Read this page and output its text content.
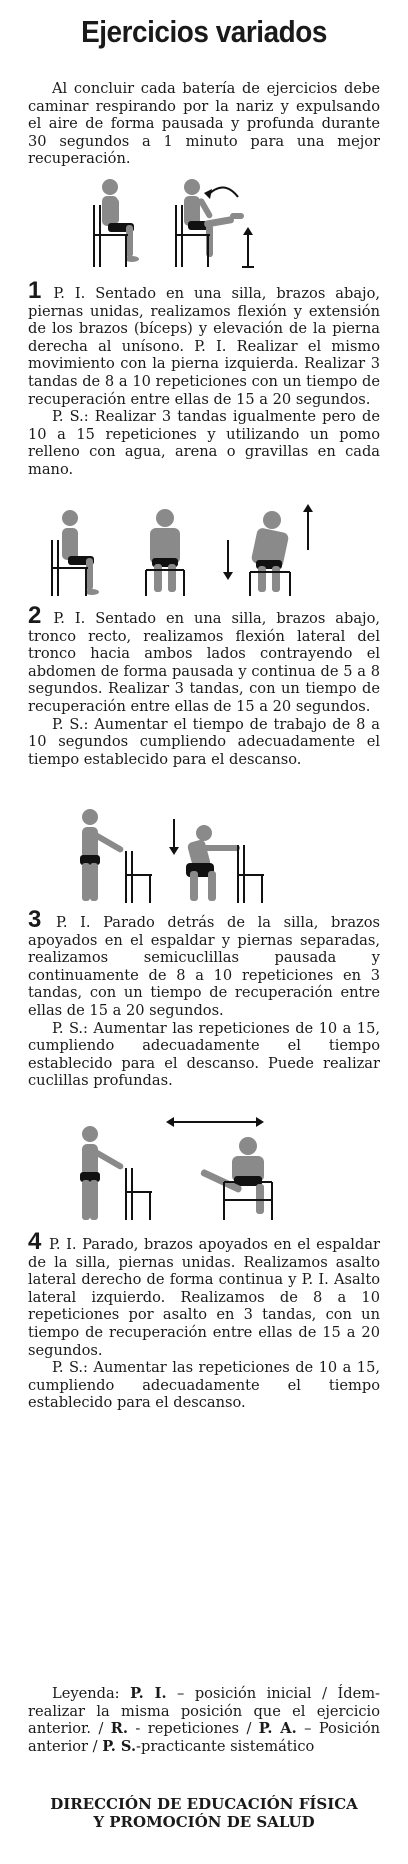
Ejercicios variados

Al concluir cada batería de ejercicios debe caminar respirando por la nariz y expulsando el aire de forma pausada y profunda durante 30 segundos a 1 minuto para una mejor recuperación.

1 P. I. Sentado en una silla, brazos abajo, piernas unidas, realizamos flexión y extensión de los brazos (bíceps) y elevación de la pierna derecha al unísono. P. I. Realizar el mismo movimiento con la pierna izquierda. Realizar 3 tandas de 8 a 10 repeticiones con un tiempo de recuperación entre ellas de 15 a 20 segundos.

P. S.: Realizar 3 tandas igualmente pero de 10 a 15 repeticiones y utilizando un pomo relleno con agua, arena o gravillas en cada mano.

2 P. I. Sentado en una silla, brazos abajo, tronco recto, realizamos flexión lateral del tronco hacia ambos lados contrayendo el abdomen de forma pausada y continua de 5 a 8 segundos. Realizar 3 tandas, con un tiempo de recuperación entre ellas de 15 a 20 segundos.

P. S.: Aumentar el tiempo de trabajo de 8 a 10 segundos cumpliendo adecuadamente el tiempo establecido para el descanso.

3 P. I. Parado detrás de la silla, brazos apoyados en el espaldar y piernas separadas, realizamos semicuclillas pausada y continuamente de 8 a 10 repeticiones en 3 tandas, con un tiempo de recuperación entre ellas de 15 a 20 segundos.

P. S.: Aumentar las repeticiones de 10 a 15, cumpliendo adecuadamente el tiempo establecido para el descanso. Puede realizar cuclillas profundas.

4 P. I. Parado, brazos apoyados en el espaldar de la silla, piernas unidas. Realizamos asalto lateral derecho de forma continua y P. I. Asalto lateral izquierdo. Realizamos de 8 a 10 repeticiones por asalto en 3 tandas, con un tiempo de recuperación entre ellas de 15 a 20 segundos.

P. S.: Aumentar las repeticiones de 10 a 15, cumpliendo adecuadamente el tiempo establecido para el descanso.

Leyenda: P. I. – posición inicial / Ídem- realizar la misma posición que el ejercicio anterior. / R. - repeticiones / P. A. – Posición anterior / P. S.-practicante sistemático
DIRECCIÓN DE EDUCACIÓN FÍSICA
Y PROMOCIÓN DE SALUD
